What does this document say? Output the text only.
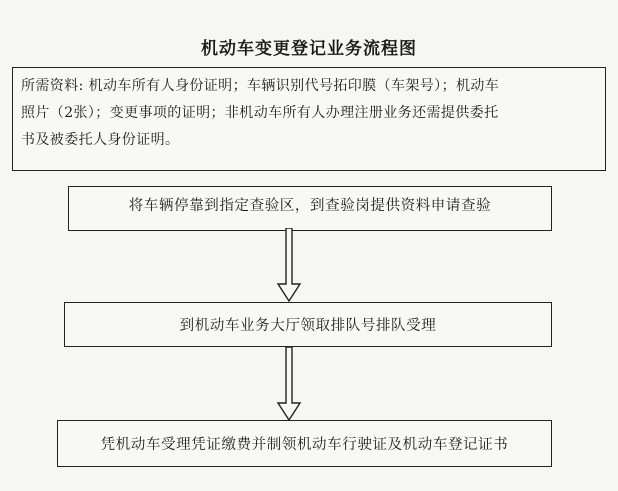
机动车变更登记业务流程图
所需资料: 机动车所有人身份证明；车辆识别代号拓印膜（车架号）；机动车
照片（2张）；变更事项的证明；非机动车所有人办理注册业务还需提供委托
书及被委托人身份证明。
将车辆停靠到指定查验区，到查验岗提供资料申请查验
到机动车业务大厅领取排队号排队受理
凭机动车受理凭证缴费并制领机动车行驶证及机动车登记证书
